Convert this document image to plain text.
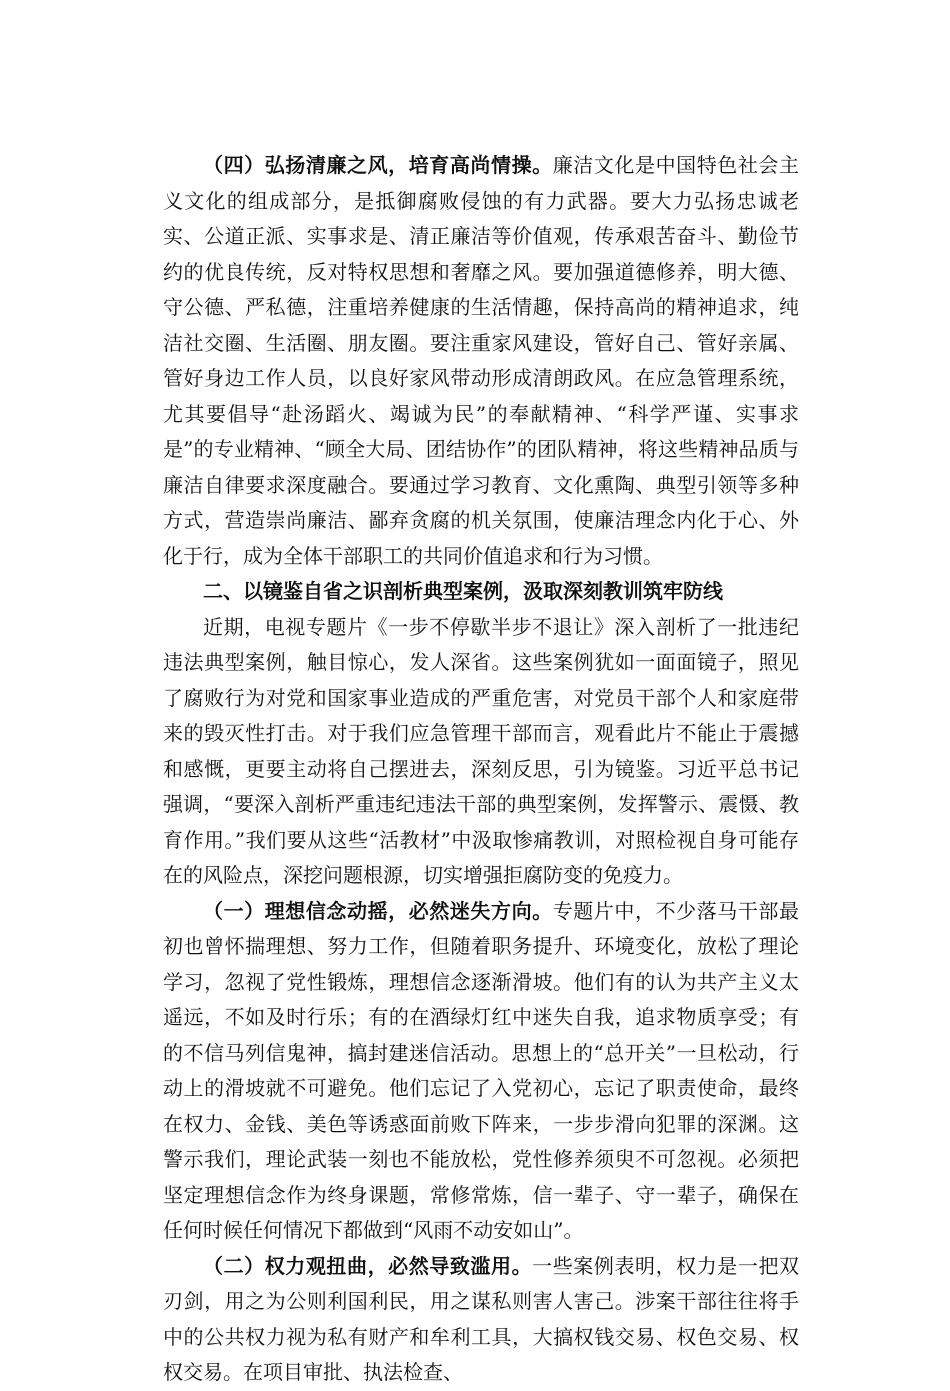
（四）弘扬清廉之风，培育高尚情操。廉洁文化是中国特色社会主义文化的组成部分，是抵御腐败侵蚀的有力武器。要大力弘扬忠诚老实、公道正派、实事求是、清正廉洁等价值观，传承艰苦奋斗、勤俭节约的优良传统，反对特权思想和奢靡之风。要加强道德修养，明大德、守公德、严私德，注重培养健康的生活情趣，保持高尚的精神追求，纯洁社交圈、生活圈、朋友圈。要注重家风建设，管好自己、管好亲属、管好身边工作人员，以良好家风带动形成清朗政风。在应急管理系统，尤其要倡导“赴汤蹈火、竭诚为民”的奉献精神、“科学严谨、实事求是”的专业精神、“顾全大局、团结协作”的团队精神，将这些精神品质与廉洁自律要求深度融合。要通过学习教育、文化熏陶、典型引领等多种方式，营造崇尚廉洁、鄙弃贪腐的机关氛围，使廉洁理念内化于心、外化于行，成为全体干部职工的共同价值追求和行为习惯。

二、以镜鉴自省之识剖析典型案例，汲取深刻教训筑牢防线

近期，电视专题片《一步不停歇半步不退让》深入剖析了一批违纪违法典型案例，触目惊心，发人深省。这些案例犹如一面面镜子，照见了腐败行为对党和国家事业造成的严重危害，对党员干部个人和家庭带来的毁灭性打击。对于我们应急管理干部而言，观看此片不能止于震撼和感慨，更要主动将自己摆进去，深刻反思，引为镜鉴。习近平总书记强调，“要深入剖析严重违纪违法干部的典型案例，发挥警示、震慑、教育作用。”我们要从这些“活教材”中汲取惨痛教训，对照检视自身可能存在的风险点，深挖问题根源，切实增强拒腐防变的免疫力。

（一）理想信念动摇，必然迷失方向。专题片中，不少落马干部最初也曾怀揣理想、努力工作，但随着职务提升、环境变化，放松了理论学习，忽视了党性锻炼，理想信念逐渐滑坡。他们有的认为共产主义太遥远，不如及时行乐；有的在酒绿灯红中迷失自我，追求物质享受；有的不信马列信鬼神，搞封建迷信活动。思想上的“总开关”一旦松动，行动上的滑坡就不可避免。他们忘记了入党初心，忘记了职责使命，最终在权力、金钱、美色等诱惑面前败下阵来，一步步滑向犯罪的深渊。这警示我们，理论武装一刻也不能放松，党性修养须臾不可忽视。必须把坚定理想信念作为终身课题，常修常炼，信一辈子、守一辈子，确保在任何时候任何情况下都做到“风雨不动安如山”。

（二）权力观扭曲，必然导致滥用。一些案例表明，权力是一把双刃剑，用之为公则利国利民，用之谋私则害人害己。涉案干部往往将手中的公共权力视为私有财产和牟利工具，大搞权钱交易、权色交易、权权交易。在项目审批、执法检查、
